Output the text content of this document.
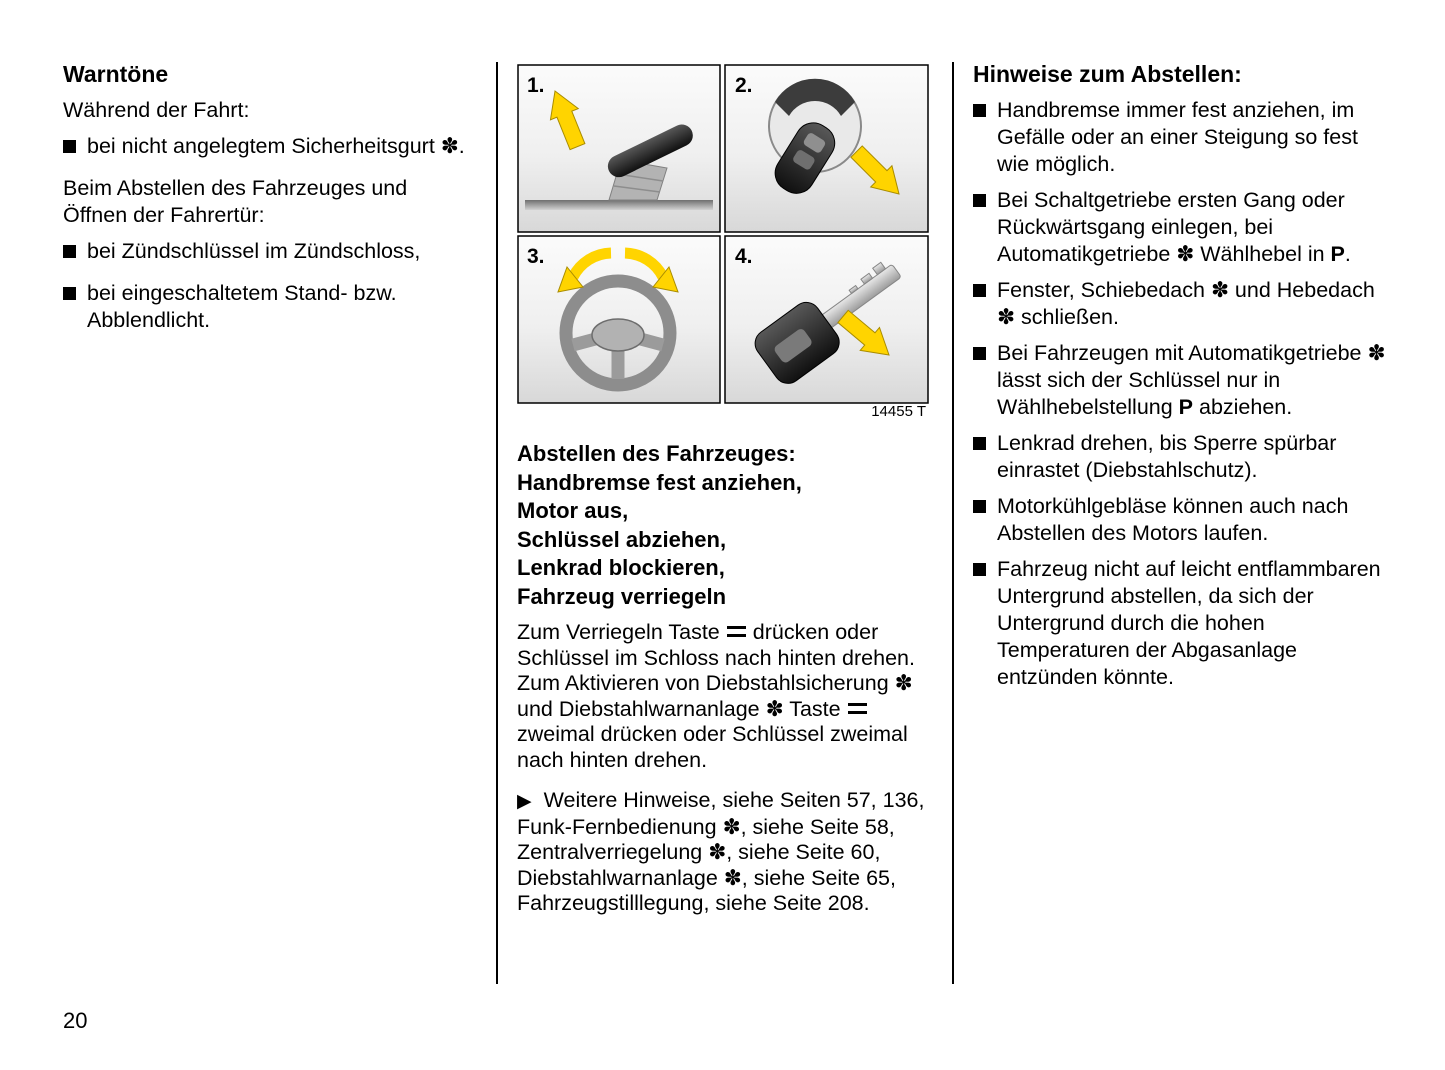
Warntöne

Während der Fahrt:

bei nicht angelegtem Sicherheitsgurt ✽.

Beim Abstellen des Fahrzeuges und Öffnen der Fahrertür:

bei Zündschlüssel im Zündschloss,
bei eingeschaltetem Stand- bzw. Abblendlicht.
1.	2.
3.	4.
14455 T
Abstellen des Fahrzeuges:
Handbremse fest anziehen,
Motor aus,
Schlüssel abziehen,
Lenkrad blockieren,
Fahrzeug verriegeln

Zum Verriegeln Taste drücken oder Schlüssel im Schloss nach hinten drehen. Zum Aktivieren von Diebstahlsicherung ✽ und Diebstahlwarnanlage ✽ Tastezweimal drücken oder Schlüssel zweimal nach hinten drehen.

▶ Weitere Hinweise, siehe Seiten 57, 136, Funk-Fernbedienung ✽, siehe Seite 58, Zentralverriegelung ✽, siehe Seite 60, Diebstahlwarnanlage ✽, siehe Seite 65, Fahrzeugstilllegung, siehe Seite 208.

Hinweise zum Abstellen:
Handbremse immer fest anziehen, im Gefälle oder an einer Steigung so fest wie möglich.
Bei Schaltgetriebe ersten Gang oder Rückwärtsgang einlegen, bei Automatikgetriebe ✽ Wählhebel in P.
Fenster, Schiebedach ✽ und Hebedach ✽ schließen.
Bei Fahrzeugen mit Automatikgetriebe ✽ lässt sich der Schlüssel nur in Wählhebelstellung P abziehen.
Lenkrad drehen, bis Sperre spürbar einrastet (Diebstahlschutz).
Motorkühlgebläse können auch nach Abstellen des Motors laufen.
Fahrzeug nicht auf leicht entflammbaren Untergrund abstellen, da sich der Untergrund durch die hohen Temperaturen der Abgasanlage entzünden könnte.
20
